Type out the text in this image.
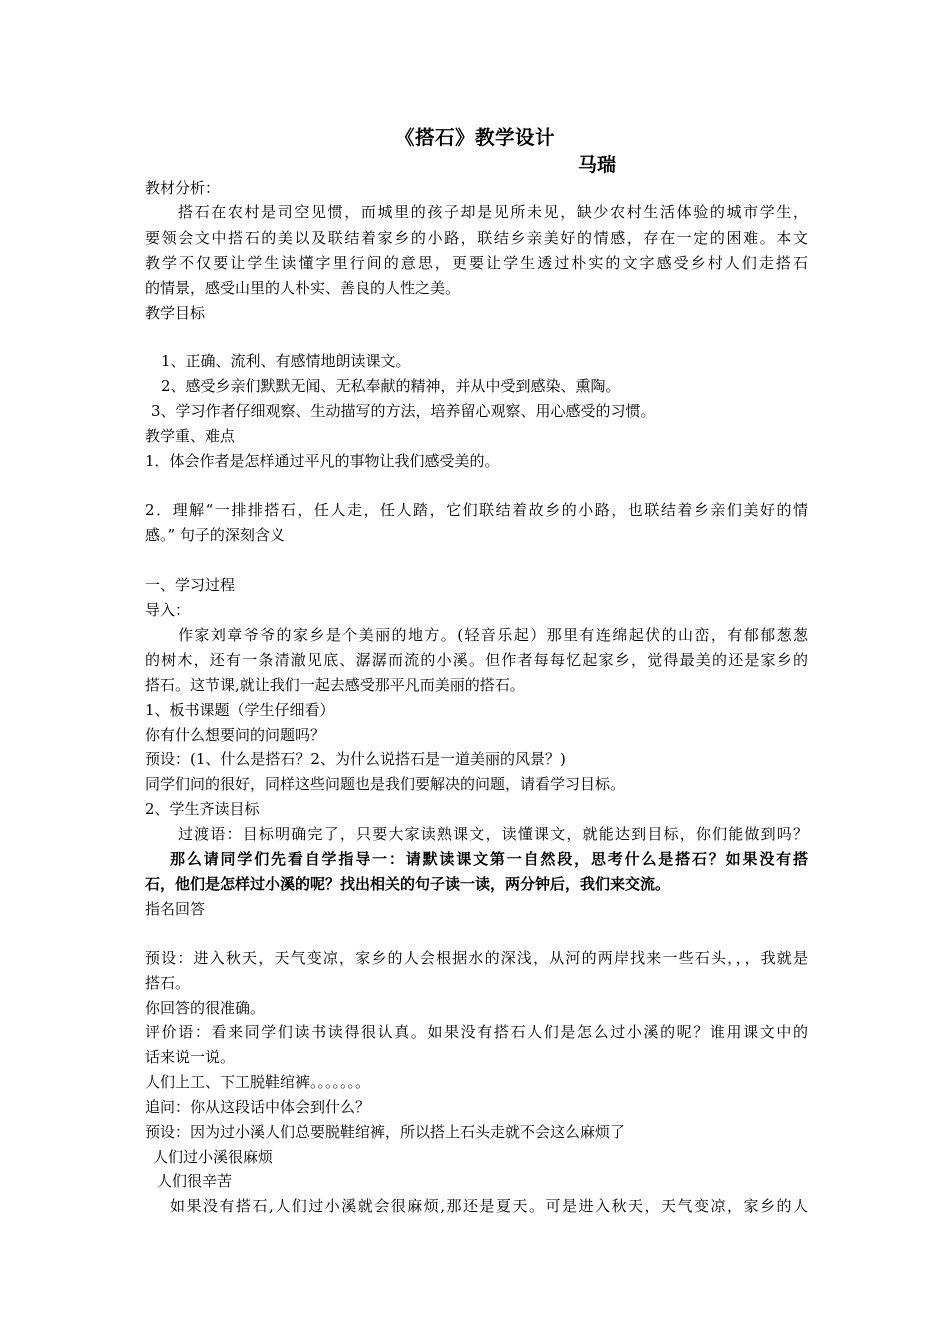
《搭石》教学设计
马瑞
教材分析：
搭石在农村是司空见惯，而城里的孩子却是见所未见，缺少农村生活体验的城市学生，
要领会文中搭石的美以及联结着家乡的小路，联结乡亲美好的情感，存在一定的困难。本文
教学不仅要让学生读懂字里行间的意思，更要让学生透过朴实的文字感受乡村人们走搭石
的情景，感受山里的人朴实、善良的人性之美。
教学目标
1、正确、流利、有感情地朗读课文。
2、感受乡亲们默默无闻、无私奉献的精神，并从中受到感染、熏陶。
3、学习作者仔细观察、生动描写的方法，培养留心观察、用心感受的习惯。
教学重、难点
1．体会作者是怎样通过平凡的事物让我们感受美的。
2．理解“一排排搭石，任人走，任人踏，它们联结着故乡的小路，也联结着乡亲们美好的情
感。” 句子的深刻含义
一、学习过程
导入：
作家刘章爷爷的家乡是个美丽的地方。(轻音乐起）那里有连绵起伏的山峦，有郁郁葱葱
的树木，还有一条清澈见底、潺潺而流的小溪。但作者每每忆起家乡，觉得最美的还是家乡的
搭石。这节课,就让我们一起去感受那平凡而美丽的搭石。
1、板书课题（学生仔细看）
你有什么想要问的问题吗？
预设：(1、什么是搭石？2、为什么说搭石是一道美丽的风景？)
同学们问的很好，同样这些问题也是我们要解决的问题，请看学习目标。
2、学生齐读目标
过渡语：目标明确完了，只要大家读熟课文，读懂课文，就能达到目标，你们能做到吗？
那么请同学们先看自学指导一：请默读课文第一自然段，思考什么是搭石？如果没有搭
石，他们是怎样过小溪的呢？找出相关的句子读一读，两分钟后，我们来交流。
指名回答
预设：进入秋天，天气变凉，家乡的人会根据水的深浅，从河的两岸找来一些石头，，，我就是
搭石。
你回答的很准确。
评价语：看来同学们读书读得很认真。如果没有搭石人们是怎么过小溪的呢？谁用课文中的
话来说一说。
人们上工、下工脱鞋绾裤。。。。。。。
追问：你从这段话中体会到什么？
预设：因为过小溪人们总要脱鞋绾裤，所以搭上石头走就不会这么麻烦了
人们过小溪很麻烦
人们很辛苦
如果没有搭石,人们过小溪就会很麻烦,那还是夏天。可是进入秋天，天气变凉，家乡的人
